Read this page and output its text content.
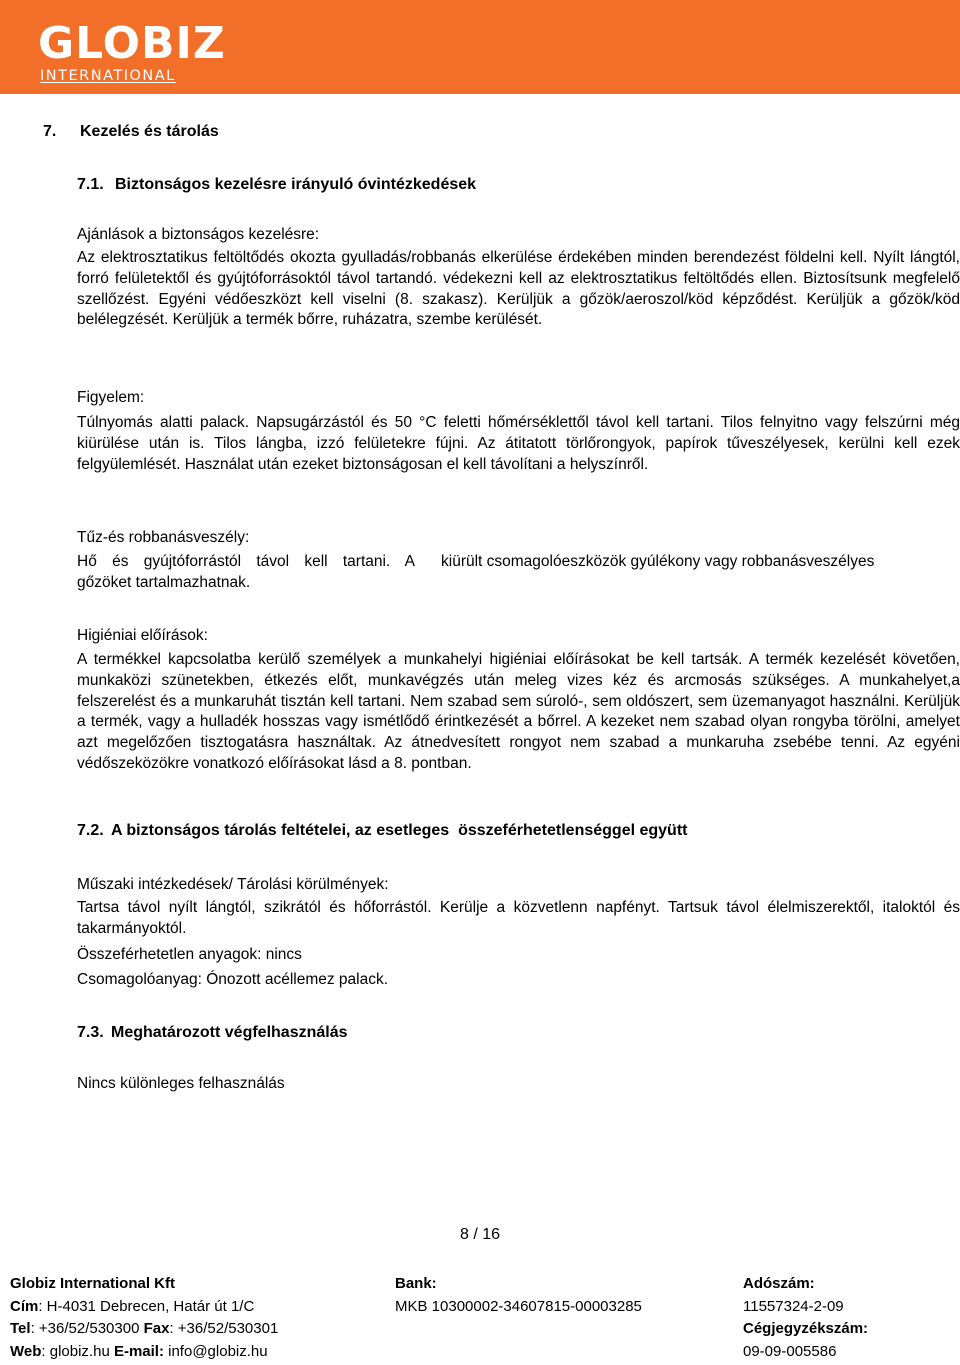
GLOBIZ
INTERNATIONAL
7. Kezelés és tárolás
7.1. Biztonságos kezelésre irányuló óvintézkedések
Ajánlások a biztonságos kezelésre:

Az elektrosztatikus feltöltődés okozta gyulladás/robbanás elkerülése érdekében minden berendezést földelni kell. Nyílt lángtól, forró felületektől és gyújtóforrásoktól távol tartandó. védekezni kell az elektrosztatikus feltöltődés ellen. Biztosítsunk megfelelő szellőzést. Egyéni védőeszközt kell viselni (8. szakasz). Kerüljük a gőzök/aeroszol/köd képződést. Kerüljük a gőzök/köd belélegzését. Kerüljük a termék bőrre, ruházatra, szembe kerülését.

Figyelem:

Túlnyomás alatti palack. Napsugárzástól és 50 °C feletti hőmérséklettől távol kell tartani. Tilos felnyitno vagy felszúrni még kiürülése után is. Tilos lángba, izzó felületekre fújni. Az átitatott törlőrongyok, papírok tűveszélyesek, kerülni kell ezek felgyülemlését. Használat után ezeket biztonságosan el kell távolítani a helyszínről.

Tűz-és robbanásveszély:
Hő és gyújtóforrástól távol kell tartani. A
gőzöket tartalmazhatnak.
kiürült csomagolóeszközök gyúlékony vagy robbanásveszélyes
Higiéniai előírások:

A termékkel kapcsolatba kerülő személyek a munkahelyi higiéniai előírásokat be kell tartsák. A termék kezelését követően, munkaközi szünetekben, étkezés előt, munkavégzés után meleg vizes kéz és arcmosás szükséges. A munkahelyet,a felszerelést és a munkaruhát tisztán kell tartani. Nem szabad sem súroló-, sem oldószert, sem üzemanyagot használni. Kerüljük a termék, vagy a hulladék hosszas vagy ismétlődő érintkezését a bőrrel. A kezeket nem szabad olyan rongyba törölni, amelyet azt megelőzően tisztogatásra használtak. Az átnedvesített rongyot nem szabad a munkaruha zsebébe tenni. Az egyéni védőszeközökre vonatkozó előírásokat lásd a 8. pontban.

7.2. A biztonságos tárolás feltételei, az esetleges  összeférhetetlenséggel együtt
Műszaki intézkedések/ Tárolási körülmények:

Tartsa távol nyílt lángtól, szikrától és hőforrástól. Kerülje a közvetlenn napfényt. Tartsuk távol élelmiszerektől, italoktól és takarmányoktól.

Összeférhetetlen anyagok: nincs
Csomagolóanyag: Ónozott acéllemez palack.
7.3. Meghatározott végfelhasználás
Nincs különleges felhasználás
8 / 16
Globiz International Kft
Cím: H-4031 Debrecen, Határ út 1/C
Tel: +36/52/530300 Fax: +36/52/530301
Web: globiz.hu E-mail: info@globiz.hu
Bank:
MKB 10300002-34607815-00003285
Adószám:
11557324-2-09
Cégjegyzékszám:
09-09-005586
